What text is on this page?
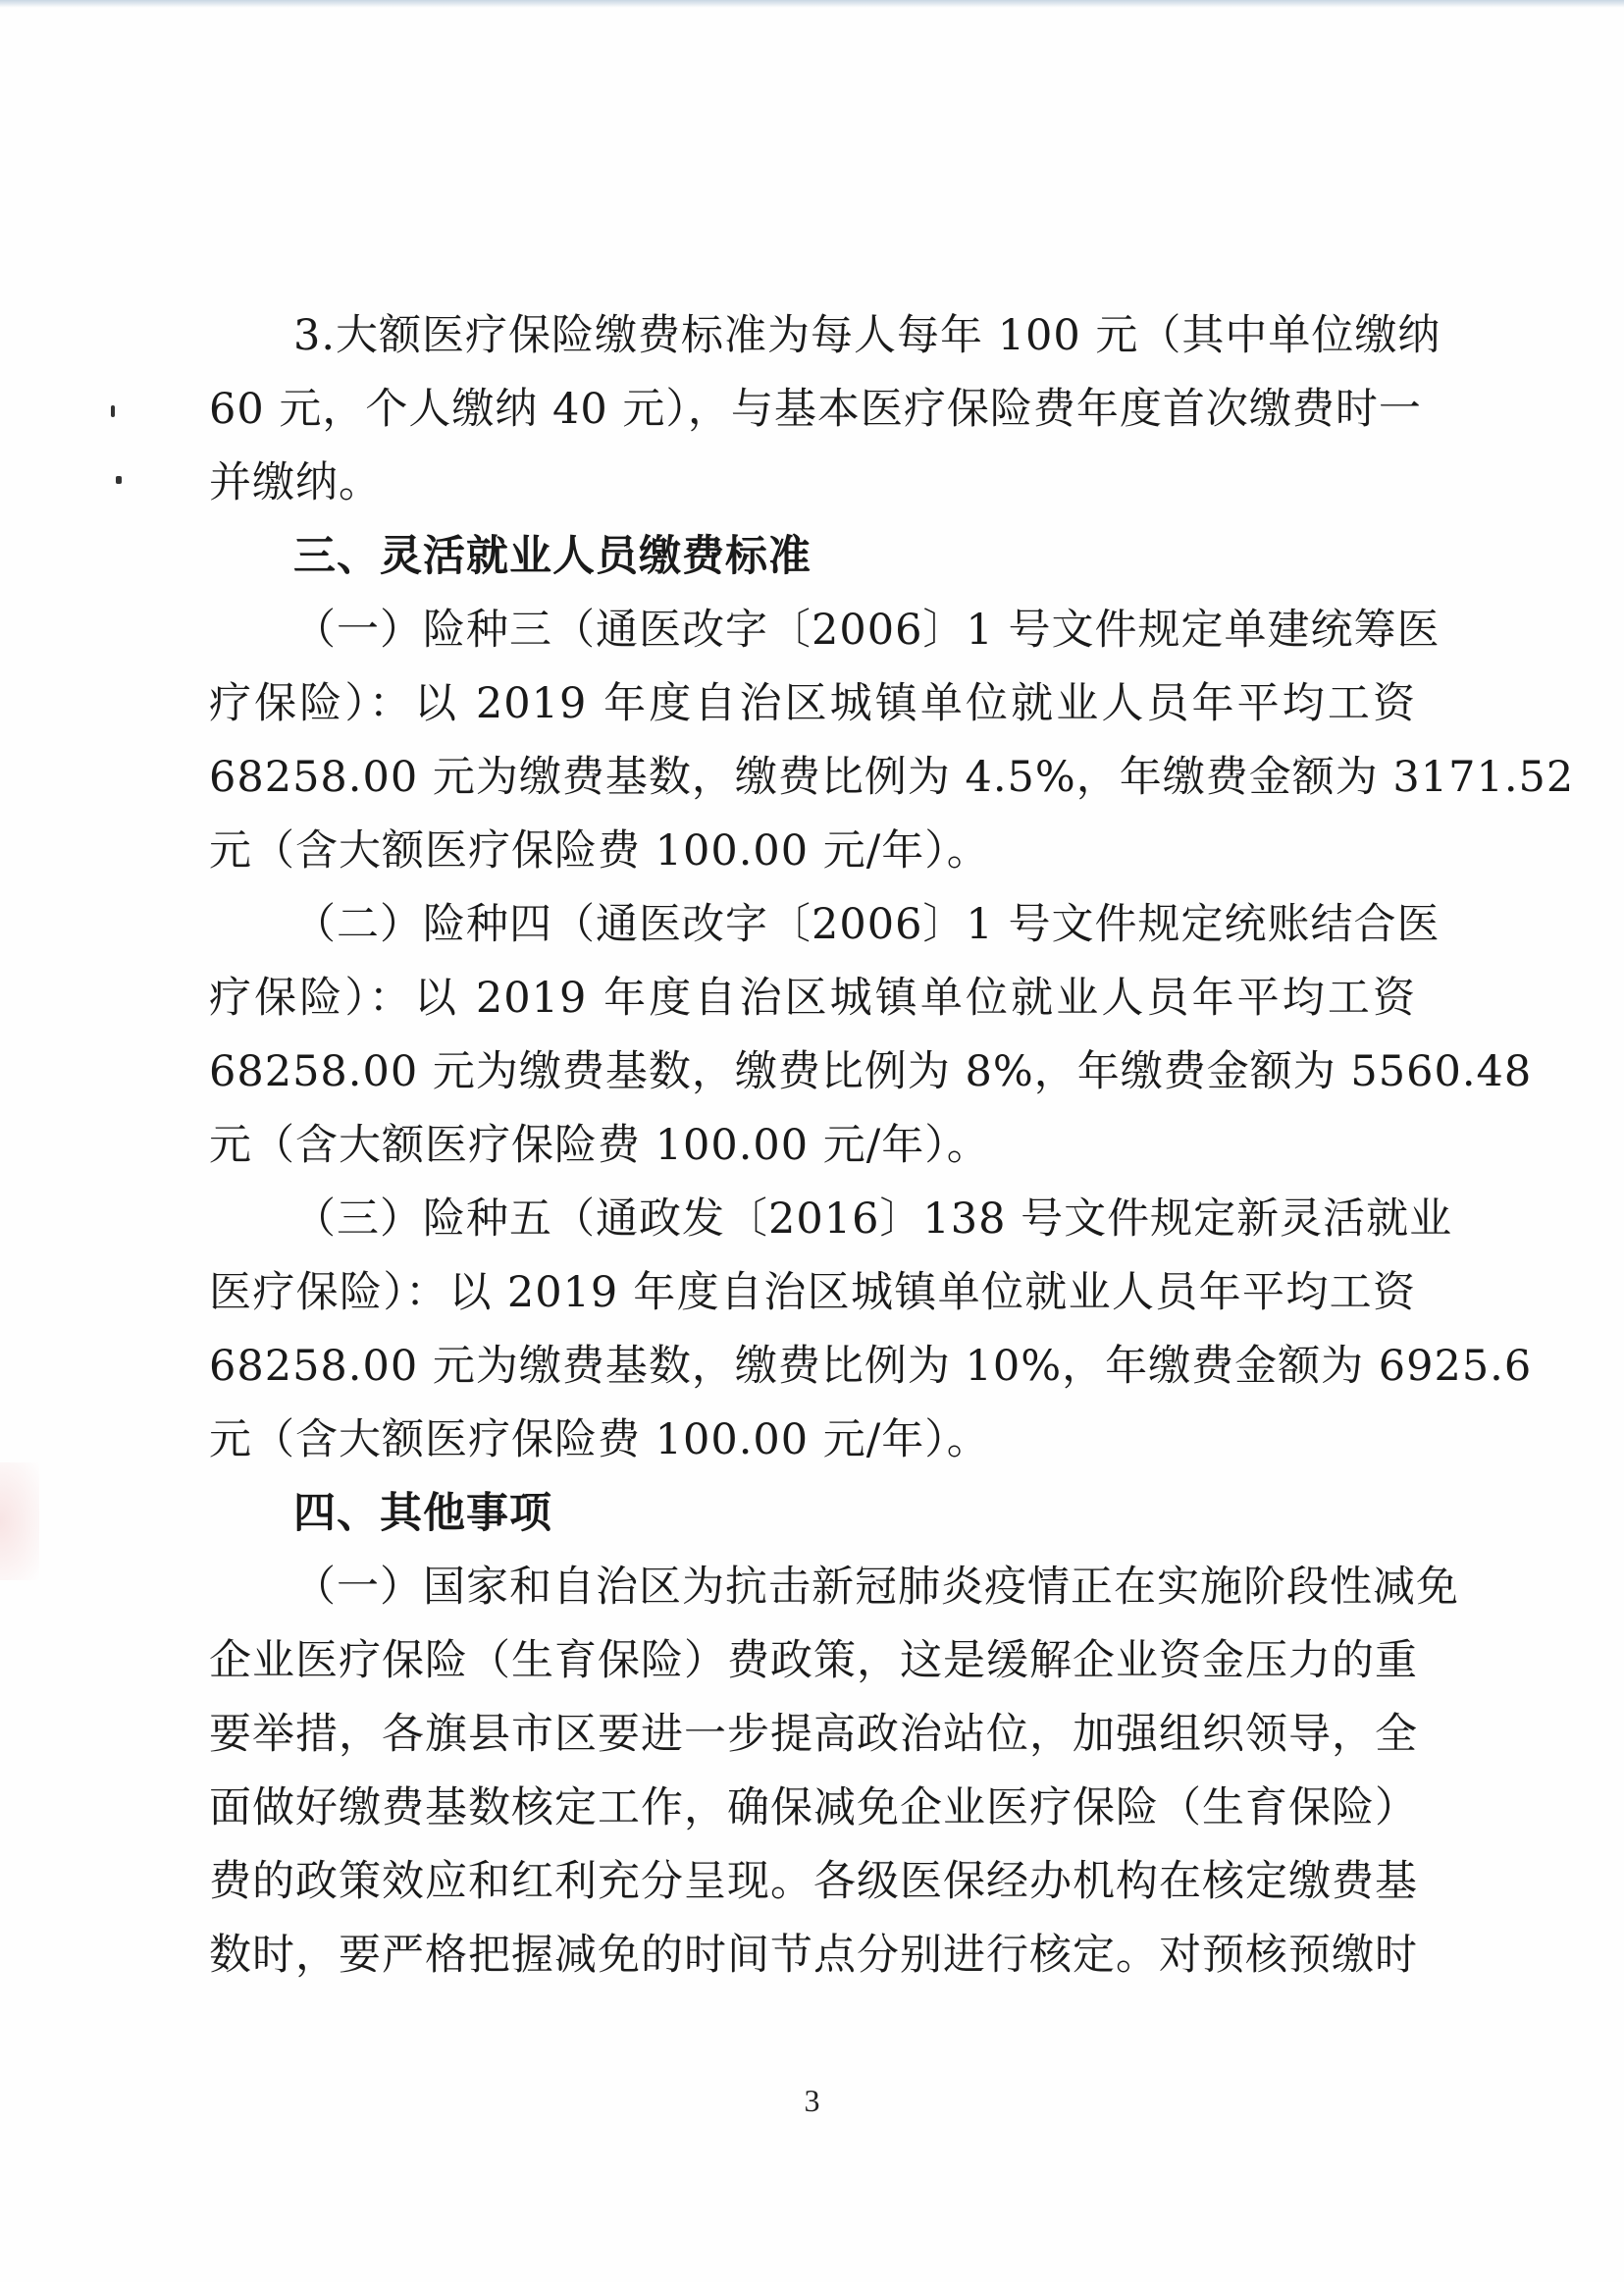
3.大额医疗保险缴费标准为每人每年 100 元（其中单位缴纳
60 元，个人缴纳 40 元），与基本医疗保险费年度首次缴费时一
并缴纳。
三、灵活就业人员缴费标准
（一）险种三（通医改字〔2006〕1 号文件规定单建统筹医
疗保险）：以 2019 年度自治区城镇单位就业人员年平均工资
68258.00 元为缴费基数，缴费比例为 4.5%，年缴费金额为 3171.52
元（含大额医疗保险费 100.00 元/年）。
（二）险种四（通医改字〔2006〕1 号文件规定统账结合医
疗保险）：以 2019 年度自治区城镇单位就业人员年平均工资
68258.00 元为缴费基数，缴费比例为 8%，年缴费金额为 5560.48
元（含大额医疗保险费 100.00 元/年）。
（三）险种五（通政发〔2016〕138 号文件规定新灵活就业
医疗保险）：以 2019 年度自治区城镇单位就业人员年平均工资
68258.00 元为缴费基数，缴费比例为 10%，年缴费金额为 6925.6
元（含大额医疗保险费 100.00 元/年）。
四、其他事项
（一）国家和自治区为抗击新冠肺炎疫情正在实施阶段性减免
企业医疗保险（生育保险）费政策，这是缓解企业资金压力的重
要举措，各旗县市区要进一步提高政治站位，加强组织领导，全
面做好缴费基数核定工作，确保减免企业医疗保险（生育保险）
费的政策效应和红利充分呈现。各级医保经办机构在核定缴费基
数时，要严格把握减免的时间节点分别进行核定。对预核预缴时
3
